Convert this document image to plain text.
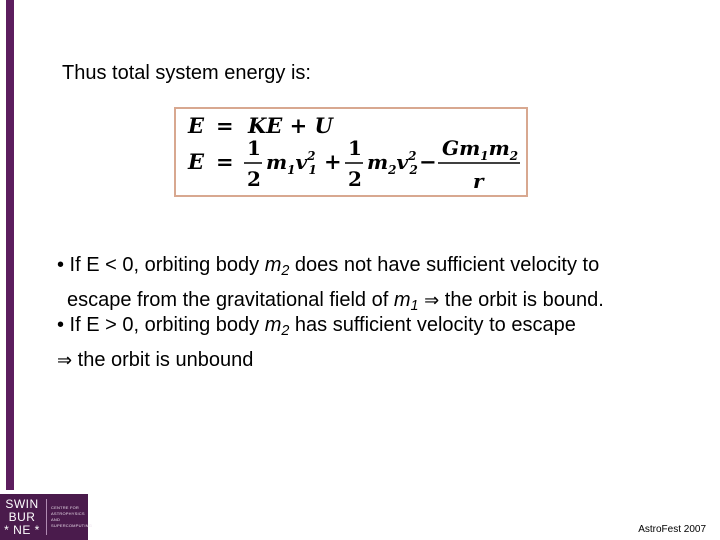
Thus total system energy is:
E = KE + U
E =
1
2
$m_1v^2$ 1 +
1
2
$m_2v^2$ 2 −
$Gm_1m_2$
r

• If E < 0, orbiting body $m_2$ does not have sufficient velocity to
escape from the gravitational field of $m_1$ ⇒ the orbit is bound.

• If E > 0, orbiting body $m_2$ has sufficient velocity to escape
⇒ the orbit is unbound

SWIN
BUR
* NE *
CENTRE FOR ASTROPHYSICS AND SUPERCOMPUTING	AstroFest 2007
